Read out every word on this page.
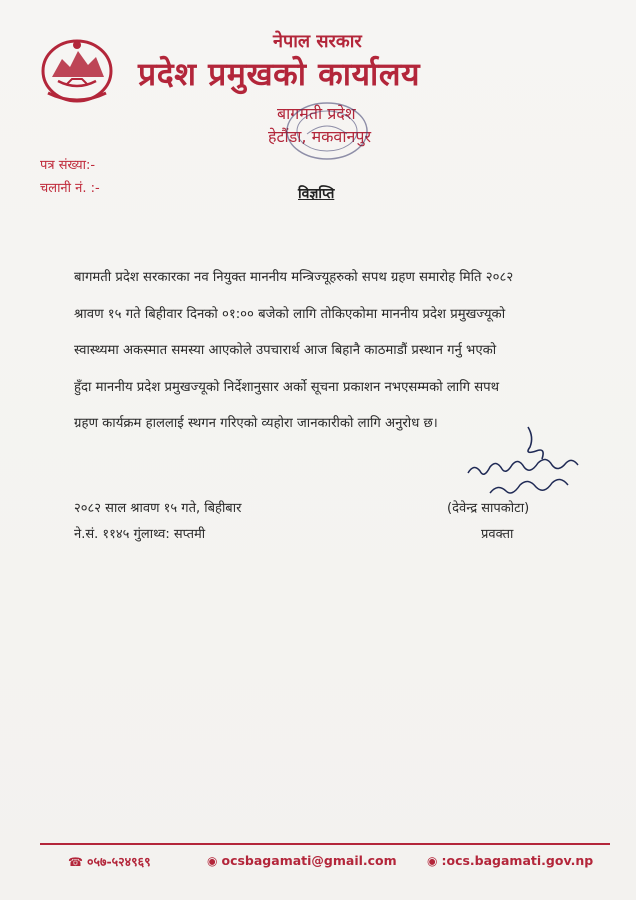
नेपाल सरकार
प्रदेश प्रमुखको कार्यालय
बागमती प्रदेश
हेटौंडा, मकवानपुर
पत्र संख्या:-
चलानी नं. :-	विज्ञप्ति

बागमती प्रदेश सरकारका नव नियुक्त माननीय मन्त्रिज्यूहरुको सपथ ग्रहण समारोह मिति २०८२

श्रावण १५ गते बिहीवार दिनको ०१:०० बजेको लागि तोकिएकोमा माननीय प्रदेश प्रमुखज्यूको

स्वास्थ्यमा अकस्मात समस्या आएकोले उपचारार्थ आज बिहानै काठमाडौं प्रस्थान गर्नु भएको

हुँदा माननीय प्रदेश प्रमुखज्यूको निर्देशानुसार अर्को सूचना प्रकाशन नभएसम्मको लागि सपथ

ग्रहण कार्यक्रम हाललाई स्थगन गरिएको व्यहोरा जानकारीको लागि अनुरोध छ।

२०८२ साल श्रावण १५ गते, बिहीबार
ने.सं. ११४५ गुंलाथ्व: सप्तमी
(देवेन्द्र सापकोटा)
प्रवक्ता
☎ ०५७-५२४९६९	◉ ocsbagamati@gmail.com	◉ :ocs.bagamati.gov.np
